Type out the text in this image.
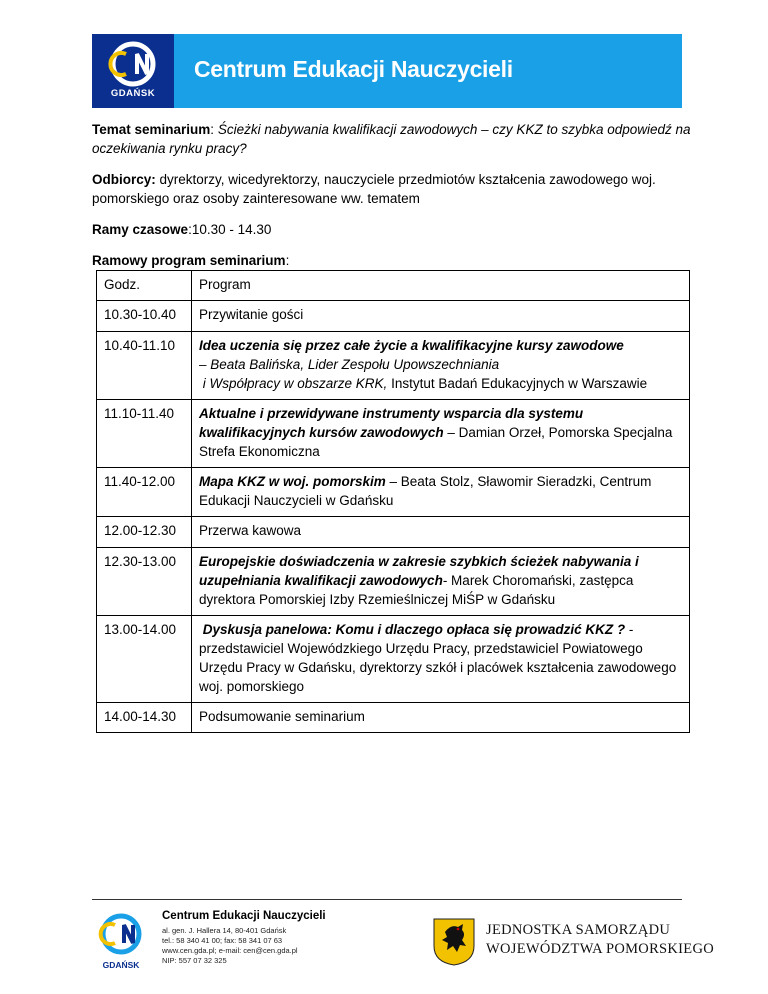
GDAŃSK
Centrum Edukacji Nauczycieli

Temat seminarium: Ścieżki nabywania kwalifikacji zawodowych – czy KKZ to szybka odpowiedź na oczekiwania rynku pracy?

Odbiorcy: dyrektorzy, wicedyrektorzy, nauczyciele przedmiotów kształcenia zawodowego woj. pomorskiego oraz osoby zainteresowane ww. tematem

Ramy czasowe:10.30 - 14.30

Ramowy program seminarium:

Godz.	Program
10.30-10.40	Przywitanie gości
10.40-11.10	Idea uczenia się przez całe życie a kwalifikacyjne kursy zawodowe
– Beata Balińska, Lider Zespołu Upowszechniania
i Współpracy w obszarze KRK, Instytut Badań Edukacyjnych w Warszawie
11.10-11.40	Aktualne i przewidywane instrumenty wsparcia dla systemu kwalifikacyjnych kursów zawodowych – Damian Orzeł, Pomorska Specjalna Strefa Ekonomiczna
11.40-12.00	Mapa KKZ w woj. pomorskim – Beata Stolz, Sławomir Sieradzki, Centrum Edukacji Nauczycieli w Gdańsku
12.00-12.30	Przerwa kawowa
12.30-13.00	Europejskie doświadczenia w zakresie szybkich ścieżek nabywania i uzupełniania kwalifikacji zawodowych- Marek Choromański, zastępca dyrektora Pomorskiej Izby Rzemieślniczej MiŚP w Gdańsku
13.00-14.00	Dyskusja panelowa: Komu i dlaczego opłaca się prowadzić KKZ ? - przedstawiciel Wojewódzkiego Urzędu Pracy, przedstawiciel Powiatowego Urzędu Pracy w Gdańsku, dyrektorzy szkół i placówek kształcenia zawodowego woj. pomorskiego
14.00-14.30	Podsumowanie seminarium
GDAŃSK
Centrum Edukacji Nauczycieli
al. gen. J. Hallera 14, 80-401 Gdańsk
tel.: 58 340 41 00; fax: 58 341 07 63
www.cen.gda.pl; e-mail: cen@cen.gda.pl
NIP: 557 07 32 325
JEDNOSTKA SAMORZĄDU
WOJEWÓDZTWA POMORSKIEGO
